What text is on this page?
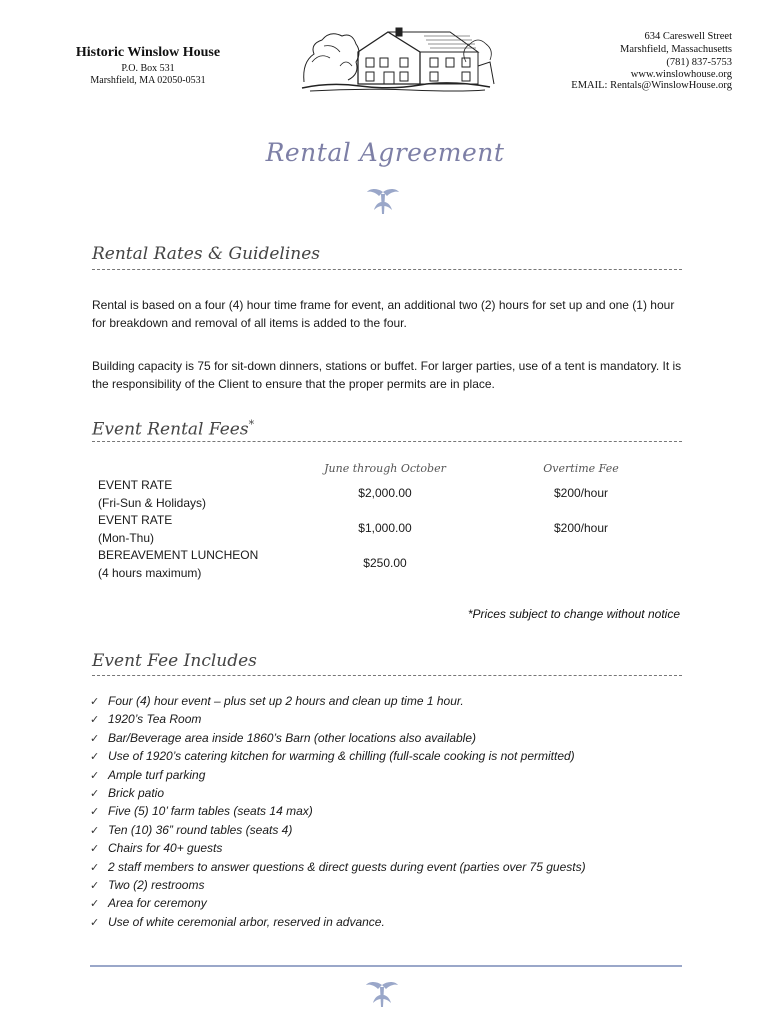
Historic Winslow House
P.O. Box 531
Marshfield, MA 02050-0531
634 Careswell Street
Marshfield, Massachusetts
(781) 837-5753
www.winslowhouse.org
EMAIL: Rentals@WinslowHouse.org
Rental Agreement
Rental Rates & Guidelines
Rental is based on a four (4) hour time frame for event, an additional two (2) hours for set up and one (1) hour for breakdown and removal of all items is added to the four.
Building capacity is 75 for sit-down dinners, stations or buffet. For larger parties, use of a tent is mandatory. It is the responsibility of the Client to ensure that the proper permits are in place.
Event Rental Fees*
June through October	Overtime Fee
EVENT RATE
(Fri-Sun & Holidays)
$2,000.00	$200/hour
EVENT RATE
(Mon-Thu)
$1,000.00	$200/hour
BEREAVEMENT LUNCHEON
(4 hours maximum)
$250.00
*Prices subject to change without notice
Event Fee Includes
✓ Four (4) hour event – plus set up 2 hours and clean up time 1 hour.
✓ 1920’s Tea Room
✓ Bar/Beverage area inside 1860’s Barn (other locations also available)
✓ Use of 1920’s catering kitchen for warming & chilling (full-scale cooking is not permitted)
✓ Ample turf parking
✓ Brick patio
✓ Five (5) 10’ farm tables (seats 14 max)
✓ Ten (10) 36” round tables (seats 4)
✓ Chairs for 40+ guests
✓ 2 staff members to answer questions & direct guests during event (parties over 75 guests)
✓ Two (2) restrooms
✓ Area for ceremony
✓ Use of white ceremonial arbor, reserved in advance.
